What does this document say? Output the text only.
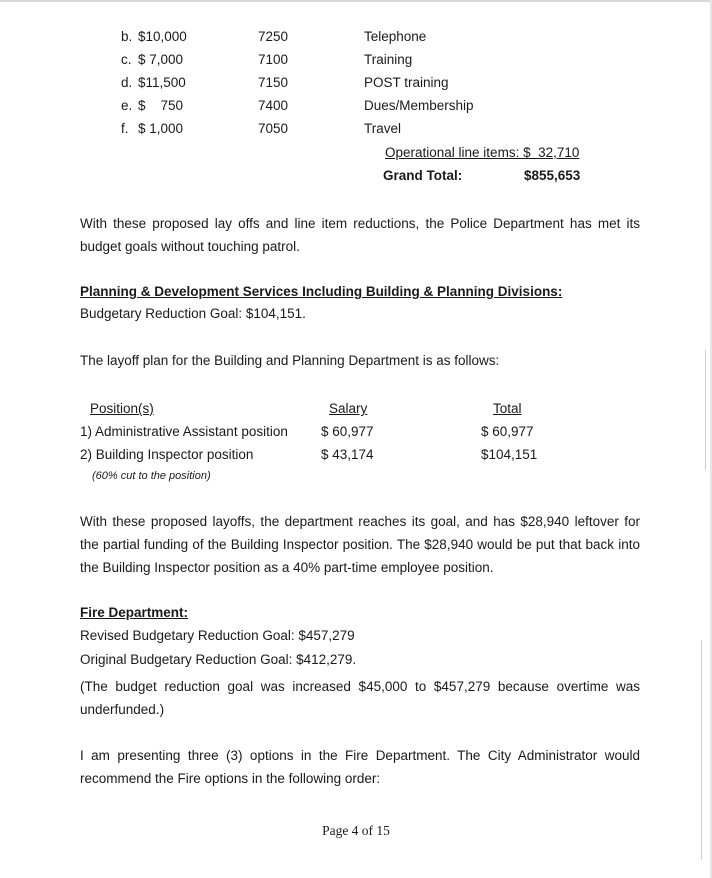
b. $10,000	7250	Telephone
c. $ 7,000	7100	Training
d. $11,500	7150	POST training
e. $    750	7400	Dues/Membership
f. $ 1,000	7050	Travel
Operational line items: $  32,710
Grand Total:	$855,653
With these proposed lay offs and line item reductions, the Police Department has met its budget goals without touching patrol.
Planning & Development Services Including Building & Planning Divisions:
Budgetary Reduction Goal: $104,151.
The layoff plan for the Building and Planning Department is as follows:
Position(s)	Salary	Total
1) Administrative Assistant position $ 60,977	$ 60,977
2) Building Inspector position	$ 43,174	$104,151
(60% cut to the position)
With these proposed layoffs, the department reaches its goal, and has $28,940 leftover for the partial funding of the Building Inspector position. The $28,940 would be put that back into the Building Inspector position as a 40% part-time employee position.
Fire Department:
Revised Budgetary Reduction Goal: $457,279
Original Budgetary Reduction Goal: $412,279.
(The budget reduction goal was increased $45,000 to $457,279 because overtime was underfunded.)
I am presenting three (3) options in the Fire Department. The City Administrator would recommend the Fire options in the following order:
Page 4 of 15
